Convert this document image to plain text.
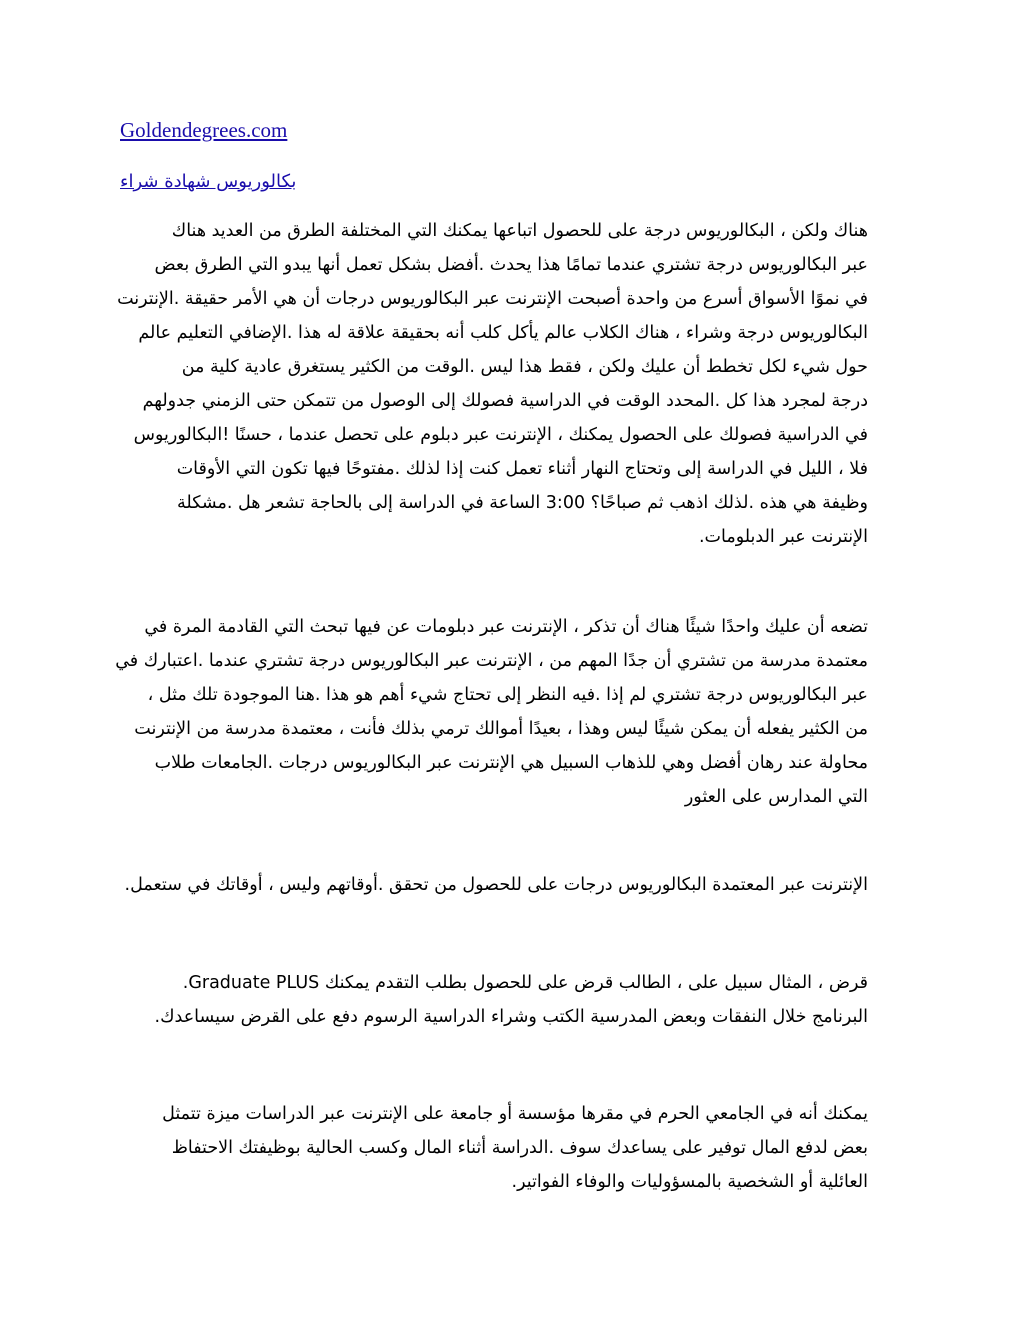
Goldendegrees.com
بكالوريوس شهادة شراء

هناك ولكن ، البكالوريوس درجة على للحصول اتباعها يمكنك التي المختلفة الطرق من العديد هناك
عبر البكالوريوس درجة تشتري عندما تمامًا هذا يحدث .أفضل بشكل تعمل أنها يبدو التي الطرق بعض
في نموًا الأسواق أسرع من واحدة أصبحت الإنترنت عبر البكالوريوس درجات أن هي الأمر حقيقة .الإنترنت
البكالوريوس درجة وشراء ، هناك الكلاب عالم يأكل كلب أنه بحقيقة علاقة له هذا .الإضافي التعليم عالم
حول شيء لكل تخطط أن عليك ولكن ، فقط هذا ليس .الوقت من الكثير يستغرق عادية كلية من
درجة لمجرد هذا كل .المحدد الوقت في الدراسية فصولك إلى الوصول من تتمكن حتى الزمني جدولهم
في الدراسية فصولك على الحصول يمكنك ، الإنترنت عبر دبلوم على تحصل عندما ، حسنًا !البكالوريوس
فلا ، الليل في الدراسة إلى وتحتاج النهار أثناء تعمل كنت إذا لذلك .مفتوحًا فيها تكون التي الأوقات
وظيفة هي هذه .لذلك اذهب ثم صباحًا؟ 3:00 الساعة في الدراسة إلى بالحاجة تشعر هل .مشكلة
الإنترنت عبر الدبلومات.

تضعه أن عليك واحدًا شيئًا هناك أن تذكر ، الإنترنت عبر دبلومات عن فيها تبحث التي القادمة المرة في
معتمدة مدرسة من تشتري أن جدًا المهم من ، الإنترنت عبر البكالوريوس درجة تشتري عندما .اعتبارك في
عبر البكالوريوس درجة تشتري لم إذا .فيه النظر إلى تحتاج شيء أهم هو هذا .هنا الموجودة تلك مثل ،
من الكثير يفعله أن يمكن شيئًا ليس وهذا ، بعيدًا أموالك ترمي بذلك فأنت ، معتمدة مدرسة من الإنترنت
محاولة عند رهان أفضل وهي للذهاب السبيل هي الإنترنت عبر البكالوريوس درجات .الجامعات طلاب
التي المدارس على العثور

الإنترنت عبر المعتمدة البكالوريوس درجات على للحصول من تحقق .أوقاتهم وليس ، أوقاتك في ستعمل.

قرض ، المثال سبيل على ، الطالب قرض على للحصول بطلب التقدم يمكنك Graduate PLUS.
البرنامج خلال النفقات وبعض المدرسية الكتب وشراء الدراسية الرسوم دفع على القرض سيساعدك.

يمكنك أنه في الجامعي الحرم في مقرها مؤسسة أو جامعة على الإنترنت عبر الدراسات ميزة تتمثل
بعض لدفع المال توفير على يساعدك سوف .الدراسة أثناء المال وكسب الحالية بوظيفتك الاحتفاظ
العائلية أو الشخصية بالمسؤوليات والوفاء الفواتير.
